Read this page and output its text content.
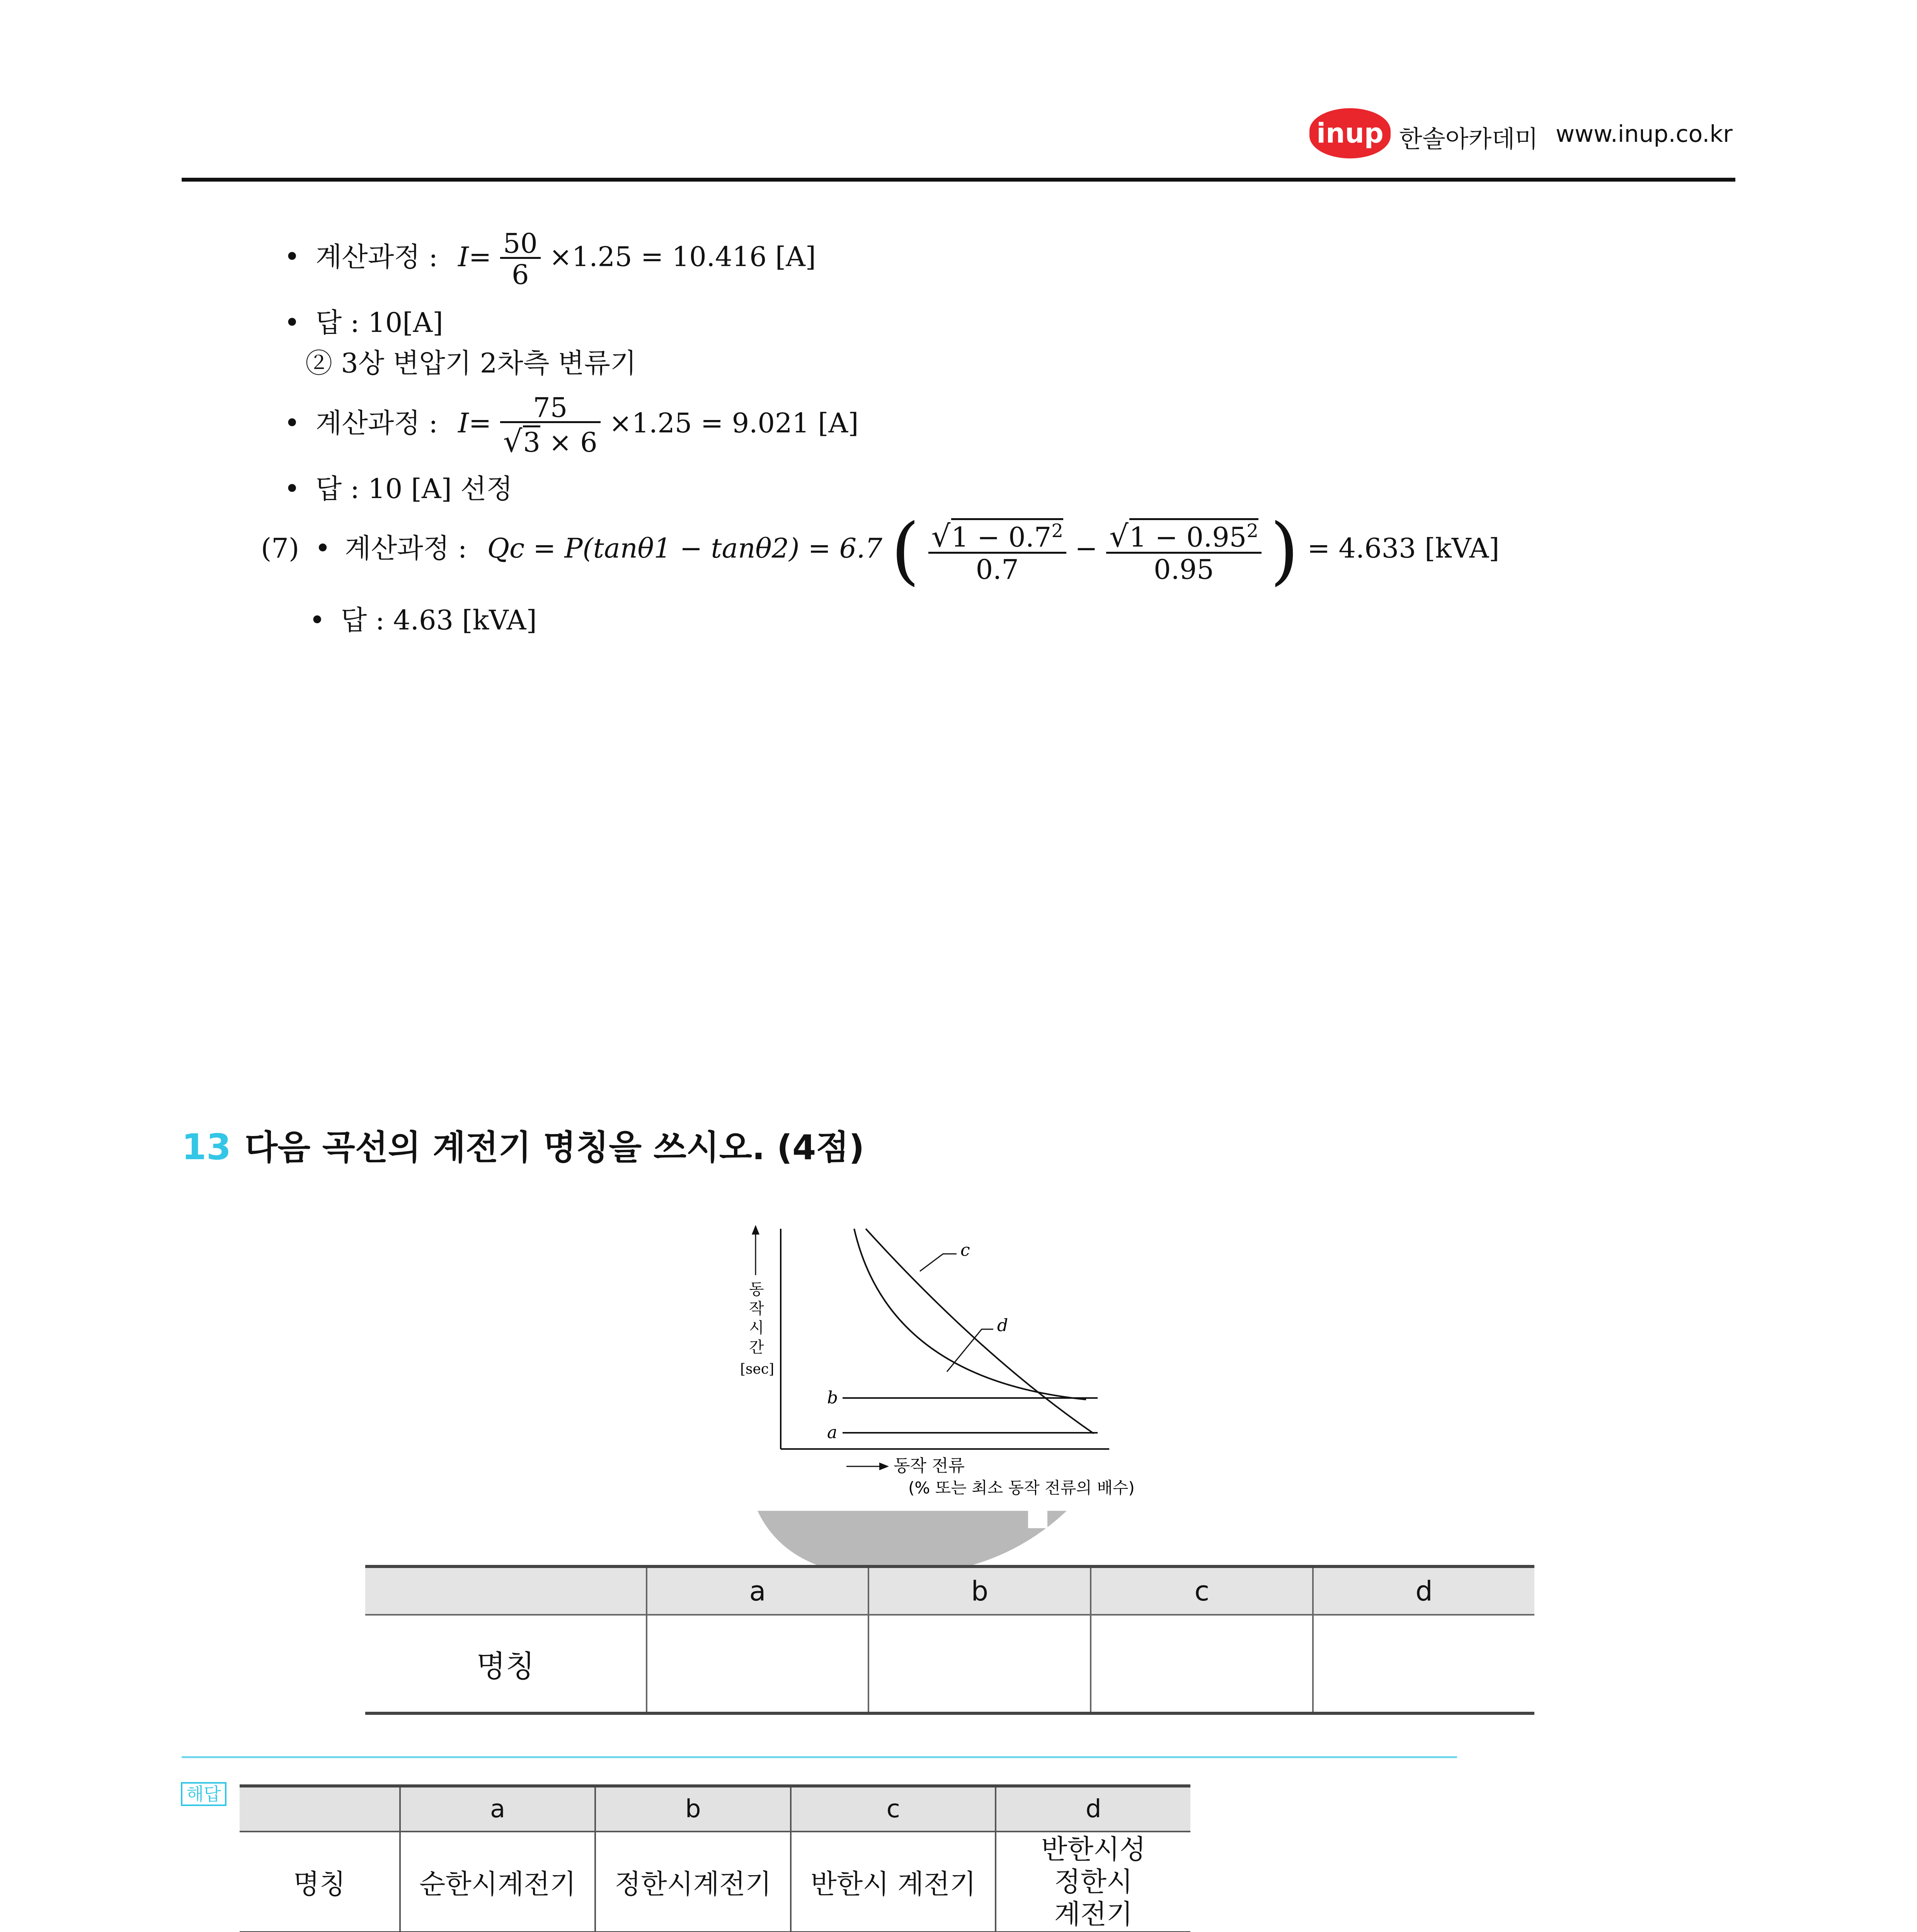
inup 한솔아카데미 www.inup.co.kr
• 계산과정 : $I= \frac{50}{6} \times 1.25 = 10.416$ [A]
• 답 : 10[A]
② 3상 변압기 2차측 변류기
• 계산과정 : $I= \frac{75}{√3 \times 6} \times 1.25 = 9.021$ [A]
• 답 : 10 [A] 선정
(7) • 계산과정 : Qc = P(tanθ1 − tanθ2) = 6.7 ( $\frac{√1 - 0.7^2}{0.7} - \frac{√1 - 0.95^2}{0.95}$ ) = 4.633 [kVA]
• 답 : 4.63 [kVA]
13 다음 곡선의 계전기 명칭을 쓰시오. (4점)
c
d
b
a
동
작
시
간
[sec]
동작 전류
(% 또는 최소 동작 전류의 배수)
	a	b	c	d
명칭				
해답
	a	b	c	d
명칭	순한시계전기	정한시계전기	반한시 계전기	반한시성
정한시
계전기
